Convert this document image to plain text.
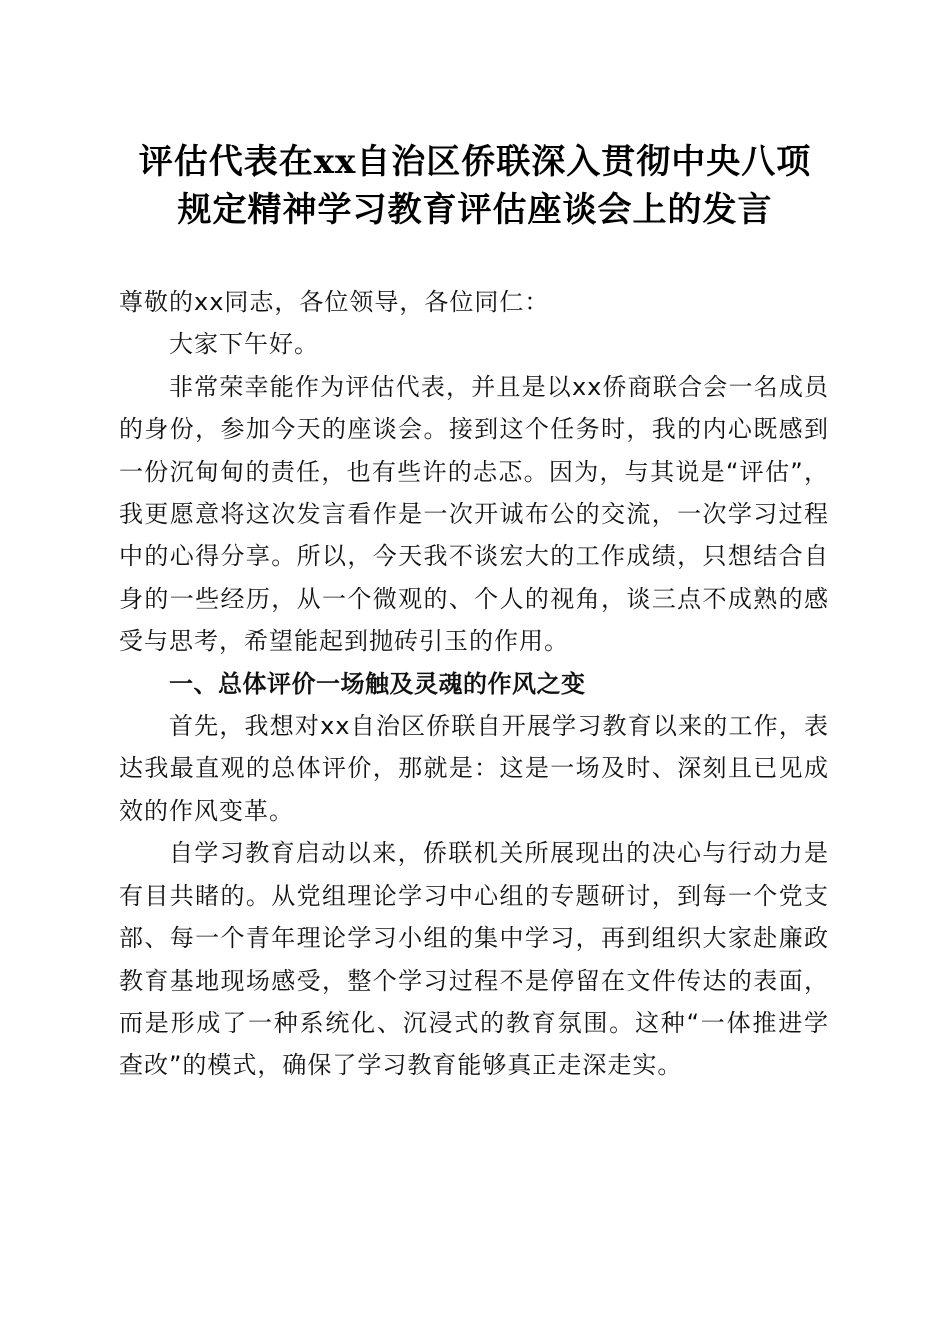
评估代表在xx自治区侨联深入贯彻中央八项
规定精神学习教育评估座谈会上的发言

尊敬的xx同志，各位领导，各位同仁：

大家下午好。

非常荣幸能作为评估代表，并且是以xx侨商联合会一名成员的身份，参加今天的座谈会。接到这个任务时，我的内心既感到一份沉甸甸的责任，也有些许的忐忑。因为，与其说是“评估”，我更愿意将这次发言看作是一次开诚布公的交流，一次学习过程中的心得分享。所以，今天我不谈宏大的工作成绩，只想结合自身的一些经历，从一个微观的、个人的视角，谈三点不成熟的感受与思考，希望能起到抛砖引玉的作用。

一、总体评价一场触及灵魂的作风之变

首先，我想对xx自治区侨联自开展学习教育以来的工作，表达我最直观的总体评价，那就是：这是一场及时、深刻且已见成效的作风变革。

自学习教育启动以来，侨联机关所展现出的决心与行动力是有目共睹的。从党组理论学习中心组的专题研讨，到每一个党支部、每一个青年理论学习小组的集中学习，再到组织大家赴廉政教育基地现场感受，整个学习过程不是停留在文件传达的表面，而是形成了一种系统化、沉浸式的教育氛围。这种“一体推进学查改”的模式，确保了学习教育能够真正走深走实。
